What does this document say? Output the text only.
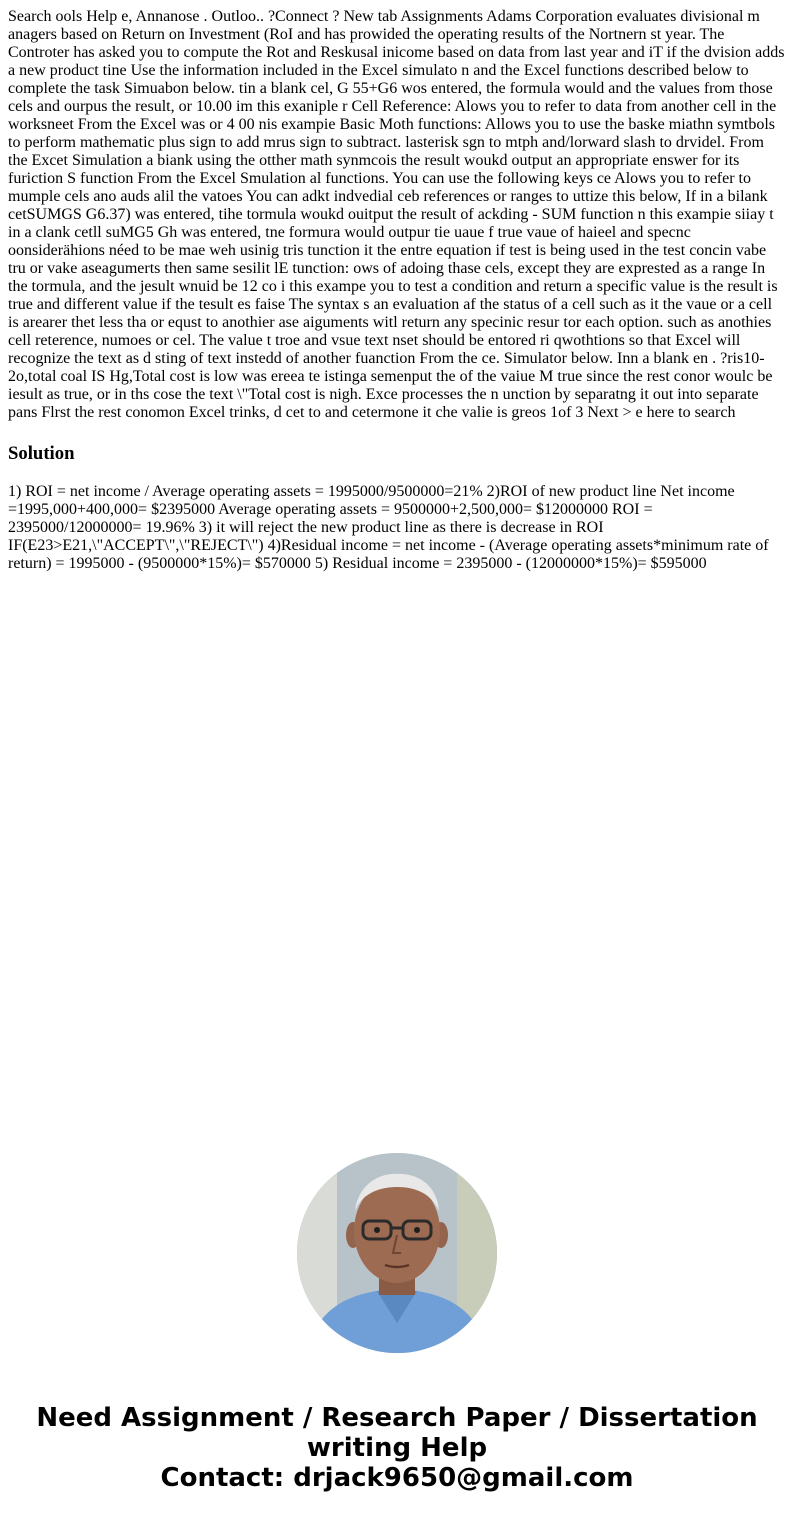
Search ools Help e, Annanose . Outloo.. ?Connect ? New tab Assignments Adams Corporation evaluates divisional m anagers based on Return on Investment (RoI and has prowided the operating results of the Nortnern st year. The Controter has asked you to compute the Rot and Reskusal inicome based on data from last year and iT if the dvision adds a new product tine Use the information included in the Excel simulato n and the Excel functions described below to complete the task Simuabon below. tin a blank cel, G 55+G6 wos entered, the formula would and the values from those cels and ourpus the result, or 10.00 im this exaniple r Cell Reference: Alows you to refer to data from another cell in the worksneet From the Excel was or 4 00 nis exampie Basic Moth functions: Allows you to use the baske miathn symtbols to perform mathematic plus sign to add mrus sign to subtract. lasterisk sgn to mtph and/lorward slash to drvidel. From the Excet Simulation a biank using the otther math synmcois the result woukd output an appropriate enswer for its furiction S function From the Excel Smulation al functions. You can use the following keys ce Alows you to refer to mumple cels ano auds alil the vatoes You can adkt indvedial ceb references or ranges to uttize this below, If in a bilank cetSUMGS G6.37) was entered, tihe tormula woukd ouitput the result of ackding - SUM function n this exampie siiay t in a clank cetll suMG5 Gh was entered, tne formura would outpur tie uaue f true vaue of haieel and specnc oonsiderähions néed to be mae weh usinig tris tunction it the entre equation if test is being used in the test concin vabe tru or vake aseagumerts then same sesilit lE tunction: ows of adoing thase cels, except they are exprested as a range In the tormula, and the jesult wnuid be 12 co i this exampe you to test a condition and return a specific value is the result is true and different value if the tesult es faise The syntax s an evaluation af the status of a cell such as it the vaue or a cell is arearer thet less tha or equst to anothier ase aiguments witl return any specinic resur tor each option. such as anothies cell reterence, numoes or cel. The value t troe and vsue text nset should be entored ri qwothtions so that Excel will recognize the text as d sting of text instedd of another fuanction From the ce. Simulator below. Inn a blank en . ?ris10-2o,total coal IS Hg,Total cost is low was ereea te istinga semenput the of the vaiue M true since the rest conor woulc be iesult as true, or in ths cose the text \"Total cost is nigh. Exce processes the n unction by separatng it out into separate pans Flrst the rest conomon Excel trinks, d cet to and cetermone it che valie is greos 1of 3 Next > e here to search

Solution

1) ROI = net income / Average operating assets = 1995000/9500000=21% 2)ROI of new product line Net income =1995,000+400,000= $2395000 Average operating assets = 9500000+2,500,000= $12000000 ROI = 2395000/12000000= 19.96% 3) it will reject the new product line as there is decrease in ROI IF(E23>E21,\"ACCEPT\",\"REJECT\") 4)Residual income = net income - (Average operating assets*minimum rate of return) = 1995000 - (9500000*15%)= $570000 5) Residual income = 2395000 - (12000000*15%)= $595000

Need Assignment / Research Paper / Dissertation
writing Help
Contact: drjack9650@gmail.com
